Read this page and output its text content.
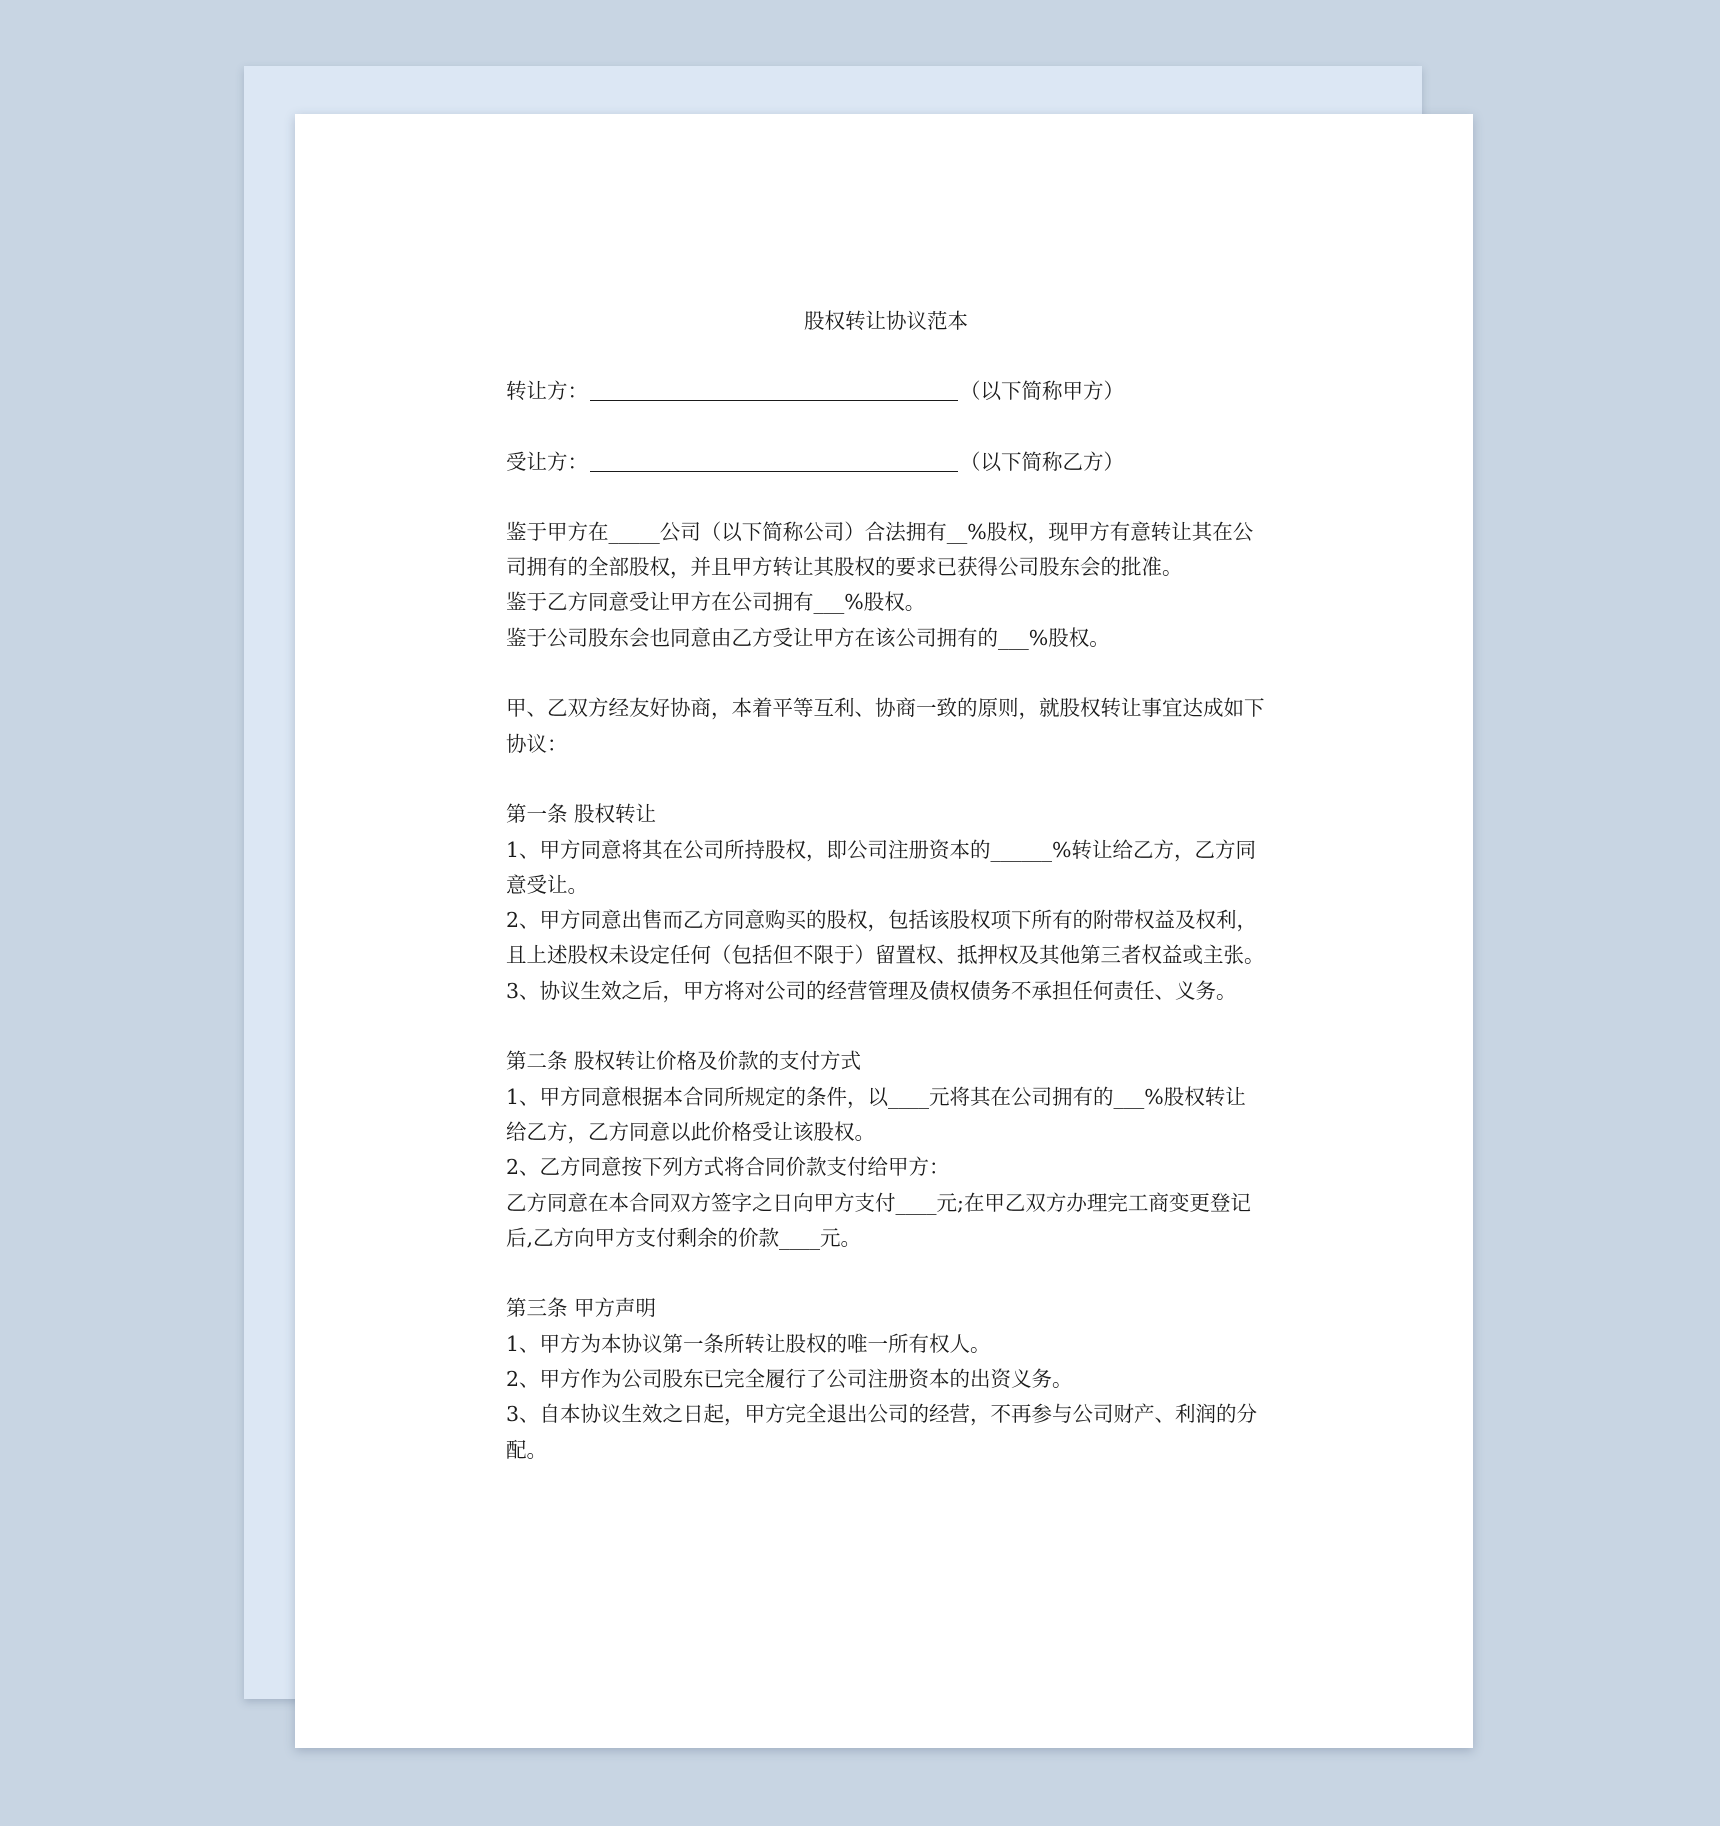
股权转让协议范本
转让方：	（以下简称甲方）
受让方：	（以下简称乙方）

鉴于甲方在_____公司（以下简称公司）合法拥有__%股权，现甲方有意转让其在公司拥有的全部股权，并且甲方转让其股权的要求已获得公司股东会的批准。

鉴于乙方同意受让甲方在公司拥有___%股权。

鉴于公司股东会也同意由乙方受让甲方在该公司拥有的___%股权。

甲、乙双方经友好协商，本着平等互利、协商一致的原则，就股权转让事宜达成如下协议：

第一条 股权转让

1、甲方同意将其在公司所持股权，即公司注册资本的______%转让给乙方，乙方同意受让。

2、甲方同意出售而乙方同意购买的股权，包括该股权项下所有的附带权益及权利，且上述股权未设定任何（包括但不限于）留置权、抵押权及其他第三者权益或主张。

3、协议生效之后，甲方将对公司的经营管理及债权债务不承担任何责任、义务。

第二条 股权转让价格及价款的支付方式

1、甲方同意根据本合同所规定的条件，以____元将其在公司拥有的___%股权转让给乙方，乙方同意以此价格受让该股权。

2、乙方同意按下列方式将合同价款支付给甲方：

乙方同意在本合同双方签字之日向甲方支付____元;在甲乙双方办理完工商变更登记后,乙方向甲方支付剩余的价款____元。

第三条 甲方声明

1、甲方为本协议第一条所转让股权的唯一所有权人。

2、甲方作为公司股东已完全履行了公司注册资本的出资义务。

3、自本协议生效之日起，甲方完全退出公司的经营，不再参与公司财产、利润的分配。
